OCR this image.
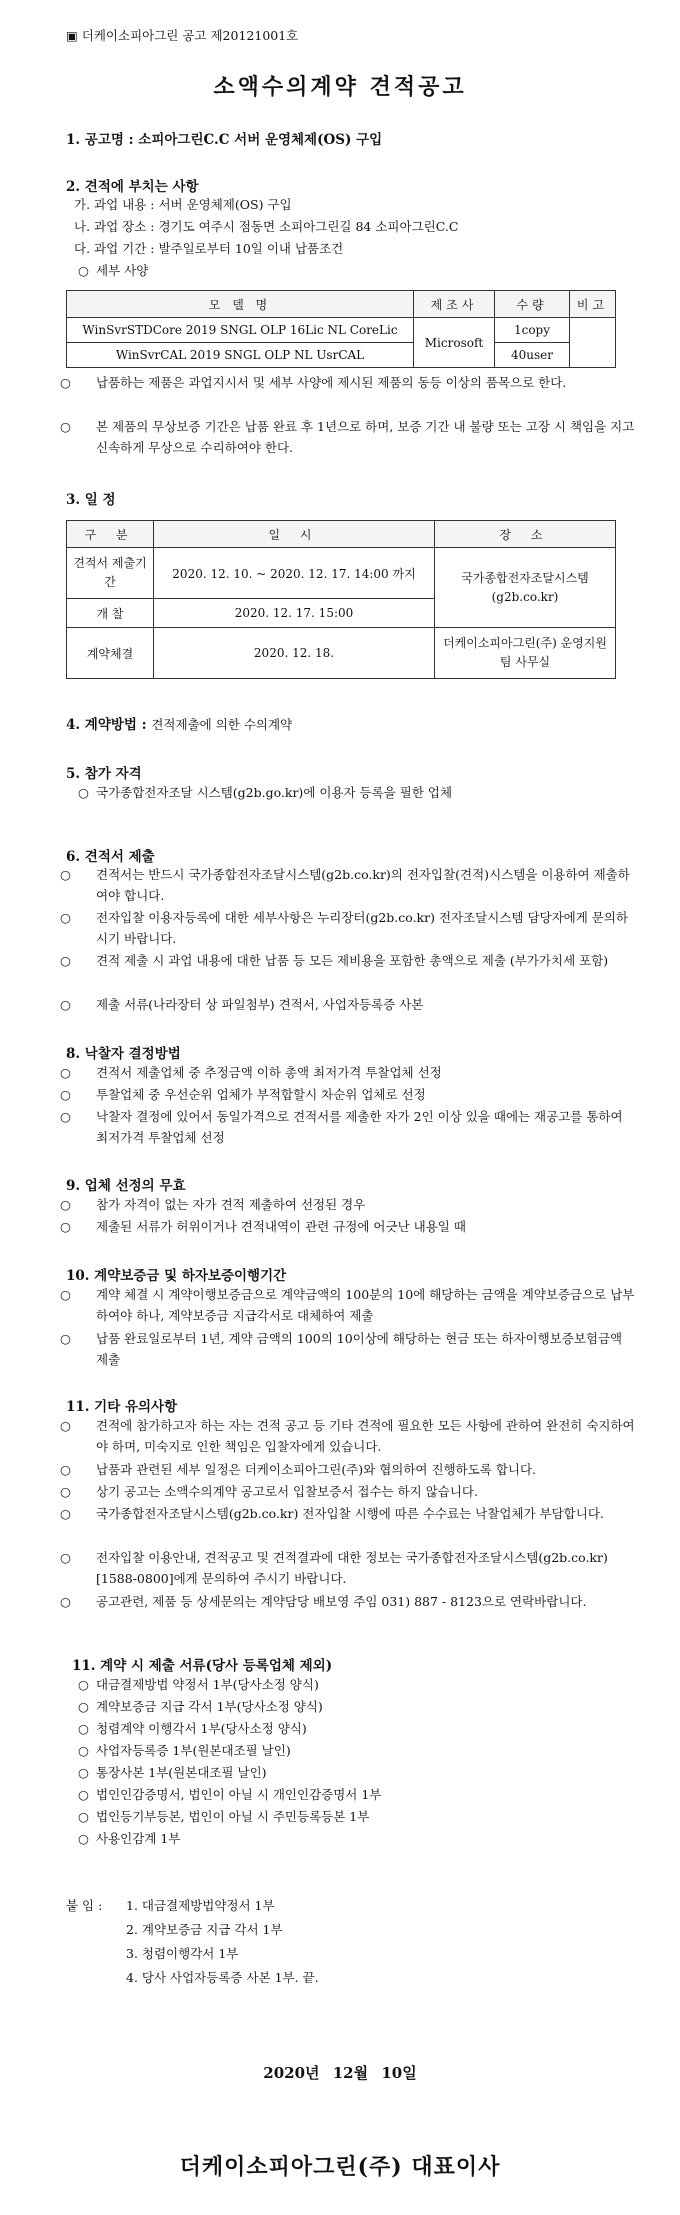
▣ 더케이소피아그린 공고 제20121001호
소액수의계약 견적공고
1. 공고명 : 소피아그린C.C 서버 운영체제(OS) 구입
2. 견적에 부치는 사항
가. 과업 내용 : 서버 운영체제(OS) 구입
나. 과업 장소 : 경기도 여주시 점동면 소피아그린길 84 소피아그린C.C
다. 과업 기간 : 발주일로부터 10일 이내 납품조건
○ 세부 사양
모 델 명	제조사	수량	비고
WinSvrSTDCore 2019 SNGL OLP 16Lic NL CoreLic	Microsoft	1copy	
WinSvrCAL 2019 SNGL OLP NL UsrCAL		40user	
○ 납품하는 제품은 과업지시서 및 세부 사양에 제시된 제품의 동등 이상의 품목으로 한다.
○ 본 제품의 무상보증 기간은 납품 완료 후 1년으로 하며, 보증 기간 내 불량 또는 고장 시 책임을 지고 신속하게 무상으로 수리하여야 한다.
3. 일 정
구 분	일 시	장 소
견적서 제출기간	2020. 12. 10. ~ 2020. 12. 17. 14:00 까지	국가종합전자조달시스템 (g2b.co.kr)
개 찰	2020. 12. 17. 15:00	
계약체결	2020. 12. 18.	더케이소피아그린(주) 운영지원팀 사무실
4. 계약방법 : 견적제출에 의한 수의계약
5. 참가 자격
○ 국가종합전자조달 시스템(g2b.go.kr)에 이용자 등록을 필한 업체
6. 견적서 제출
○ 견적서는 반드시 국가종합전자조달시스템(g2b.co.kr)의 전자입찰(견적)시스템을 이용하여 제출하여야 합니다.
○ 전자입찰 이용자등록에 대한 세부사항은 누리장터(g2b.co.kr) 전자조달시스템 담당자에게 문의하시기 바랍니다.
○ 견적 제출 시 과업 내용에 대한 납품 등 모든 제비용을 포함한 총액으로 제출 (부가가치세 포함)
○ 제출 서류(나라장터 상 파일첨부) 견적서, 사업자등록증 사본
8. 낙찰자 결정방법
○ 견적서 제출업체 중 추정금액 이하 총액 최저가격 투찰업체 선정
○ 투찰업체 중 우선순위 업체가 부적합할시 차순위 업체로 선정
○ 낙찰자 결정에 있어서 동일가격으로 견적서를 제출한 자가 2인 이상 있을 때에는 재공고를 통하여 최저가격 투찰업체 선정
9. 업체 선정의 무효
○ 참가 자격이 없는 자가 견적 제출하여 선정된 경우
○ 제출된 서류가 허위이거나 견적내역이 관련 규정에 어긋난 내용일 때
10. 계약보증금 및 하자보증이행기간
○ 계약 체결 시 계약이행보증금으로 계약금액의 100분의 10에 해당하는 금액을 계약보증금으로 납부하여야 하나, 계약보증금 지급각서로 대체하여 제출
○ 납품 완료일로부터 1년, 계약 금액의 100의 10이상에 해당하는 현금 또는 하자이행보증보험금액 제출
11. 기타 유의사항
○ 견적에 참가하고자 하는 자는 견적 공고 등 기타 견적에 필요한 모든 사항에 관하여 완전히 숙지하여야 하며, 미숙지로 인한 책임은 입찰자에게 있습니다.
○ 납품과 관련된 세부 일정은 더케이소피아그린(주)와 협의하여 진행하도록 합니다.
○ 상기 공고는 소액수의계약 공고로서 입찰보증서 접수는 하지 않습니다.
○ 국가종합전자조달시스템(g2b.co.kr) 전자입찰 시행에 따른 수수료는 낙찰업체가 부담합니다.
○ 전자입찰 이용안내, 견적공고 및 견적결과에 대한 정보는 국가종합전자조달시스템(g2b.co.kr)[1588-0800]에게 문의하여 주시기 바랍니다.
○ 공고관련, 제품 등 상세문의는 계약담당 배보영 주임 031) 887 - 8123으로 연락바랍니다.
11. 계약 시 제출 서류(당사 등록업체 제외)
○ 대금결제방법 약정서 1부(당사소정 양식)
○ 계약보증금 지급 각서 1부(당사소정 양식)
○ 청렴계약 이행각서 1부(당사소정 양식)
○ 사업자등록증 1부(원본대조필 날인)
○ 통장사본 1부(원본대조필 날인)
○ 법인인감증명서, 법인이 아닐 시 개인인감증명서 1부
○ 법인등기부등본, 법인이 아닐 시 주민등록등본 1부
○ 사용인감계 1부
붙 임 : 1. 대금결제방법약정서 1부
2. 계약보증금 지급 각서 1부
3. 청렴이행각서 1부
4. 당사 사업자등록증 사본 1부. 끝.
2020년 12월 10일
더케이소피아그린(주) 대표이사
